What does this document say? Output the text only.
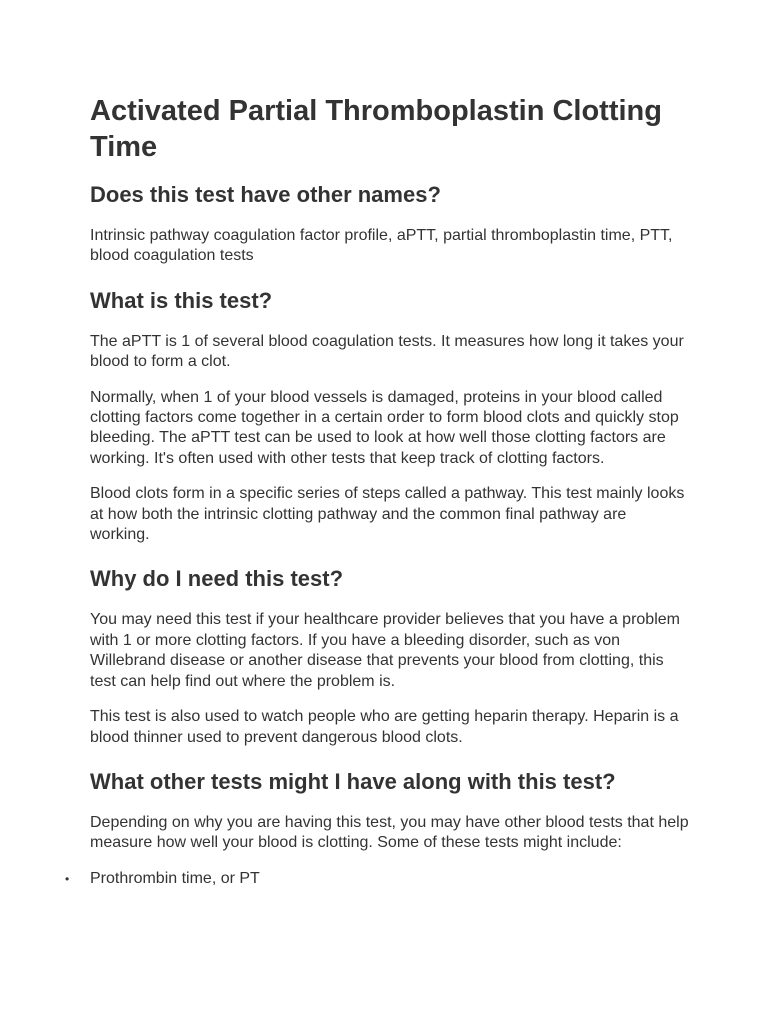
Activated Partial Thromboplastin Clotting Time
Does this test have other names?

Intrinsic pathway coagulation factor profile, aPTT, partial thromboplastin time, PTT, blood coagulation tests

What is this test?

The aPTT is 1 of several blood coagulation tests. It measures how long it takes your blood to form a clot.

Normally, when 1 of your blood vessels is damaged, proteins in your blood called clotting factors come together in a certain order to form blood clots and quickly stop bleeding. The aPTT test can be used to look at how well those clotting factors are working. It's often used with other tests that keep track of clotting factors.

Blood clots form in a specific series of steps called a pathway. This test mainly looks at how both the intrinsic clotting pathway and the common final pathway are working.

Why do I need this test?

You may need this test if your healthcare provider believes that you have a problem with 1 or more clotting factors. If you have a bleeding disorder, such as von Willebrand disease or another disease that prevents your blood from clotting, this test can help find out where the problem is.

This test is also used to watch people who are getting heparin therapy. Heparin is a blood thinner used to prevent dangerous blood clots.

What other tests might I have along with this test?

Depending on why you are having this test, you may have other blood tests that help measure how well your blood is clotting. Some of these tests might include:

• Prothrombin time, or PT
